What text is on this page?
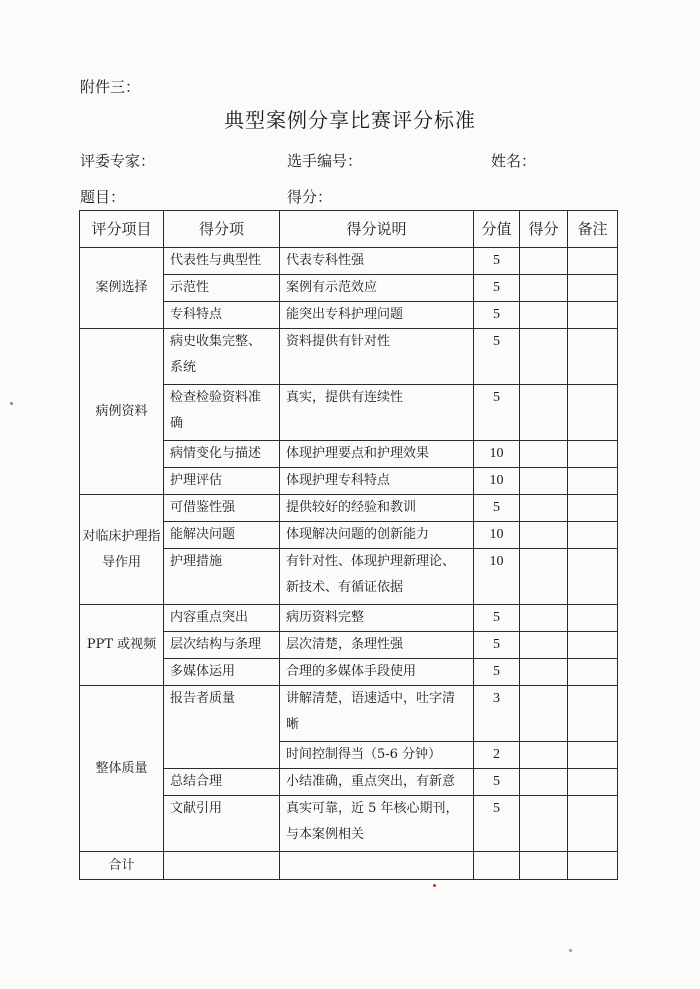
附件三：
典型案例分享比赛评分标准
评委专家：	选手编号：	姓名：
题目：	得分：
评分项目	得分项	得分说明	分值	得分	备注
案例选择	代表性与典型性	代表专科性强	5		
	示范性	案例有示范效应	5		
	专科特点	能突出专科护理问题	5		
病例资料	病史收集完整、系统	资料提供有针对性	5		
	检查检验资料准确	真实，提供有连续性	5		
	病情变化与描述	体现护理要点和护理效果	10		
	护理评估	体现护理专科特点	10		
对临床护理指导作用	可借鉴性强	提供较好的经验和教训	5		
	能解决问题	体现解决问题的创新能力	10		
	护理措施	有针对性、体现护理新理论、新技术、有循证依据	10		
PPT 或视频	内容重点突出	病历资料完整	5		
	层次结构与条理	层次清楚，条理性强	5		
	多媒体运用	合理的多媒体手段使用	5		
整体质量	报告者质量	讲解清楚，语速适中，吐字清晰	3		
		时间控制得当（5-6 分钟）	2		
	总结合理	小结准确，重点突出，有新意	5		
	文献引用	真实可靠，近 5 年核心期刊，与本案例相关	5		
合计					
